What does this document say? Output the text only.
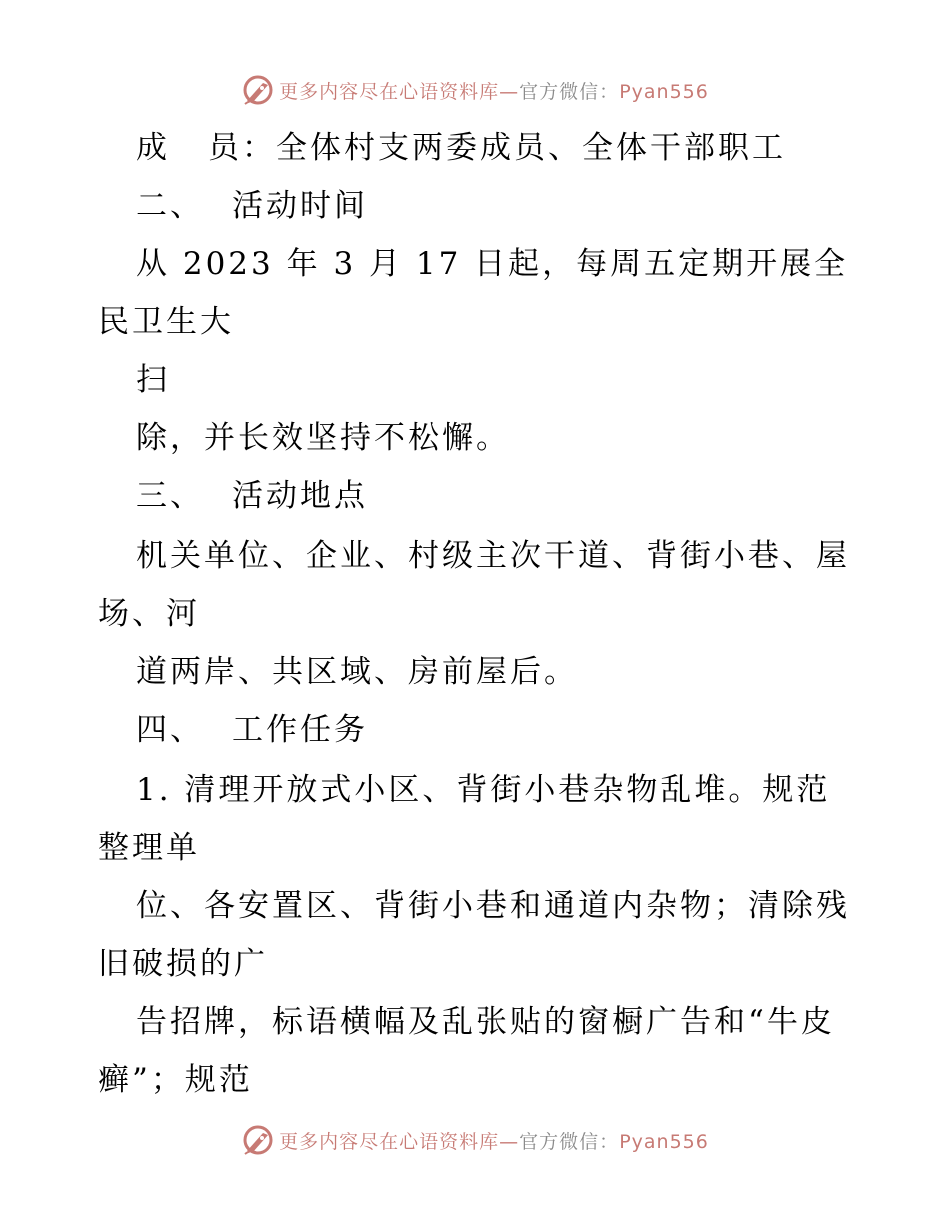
更多内容尽在心语资料库—官方微信：Pyan556
成 员：全体村支两委成员、全体干部职工
二、 活动时间
从 2023 年 3 月 17 日起，每周五定期开展全
民卫生大
扫
除，并长效坚持不松懈。
三、 活动地点
机关单位、企业、村级主次干道、背街小巷、屋
场、河
道两岸、共区域、房前屋后。
四、 工作任务
1. 清理开放式小区、背街小巷杂物乱堆。规范
整理单
位、各安置区、背街小巷和通道内杂物；清除残
旧破损的广
告招牌，标语横幅及乱张贴的窗橱广告和“牛皮
癣”；规范
更多内容尽在心语资料库—官方微信：Pyan556
